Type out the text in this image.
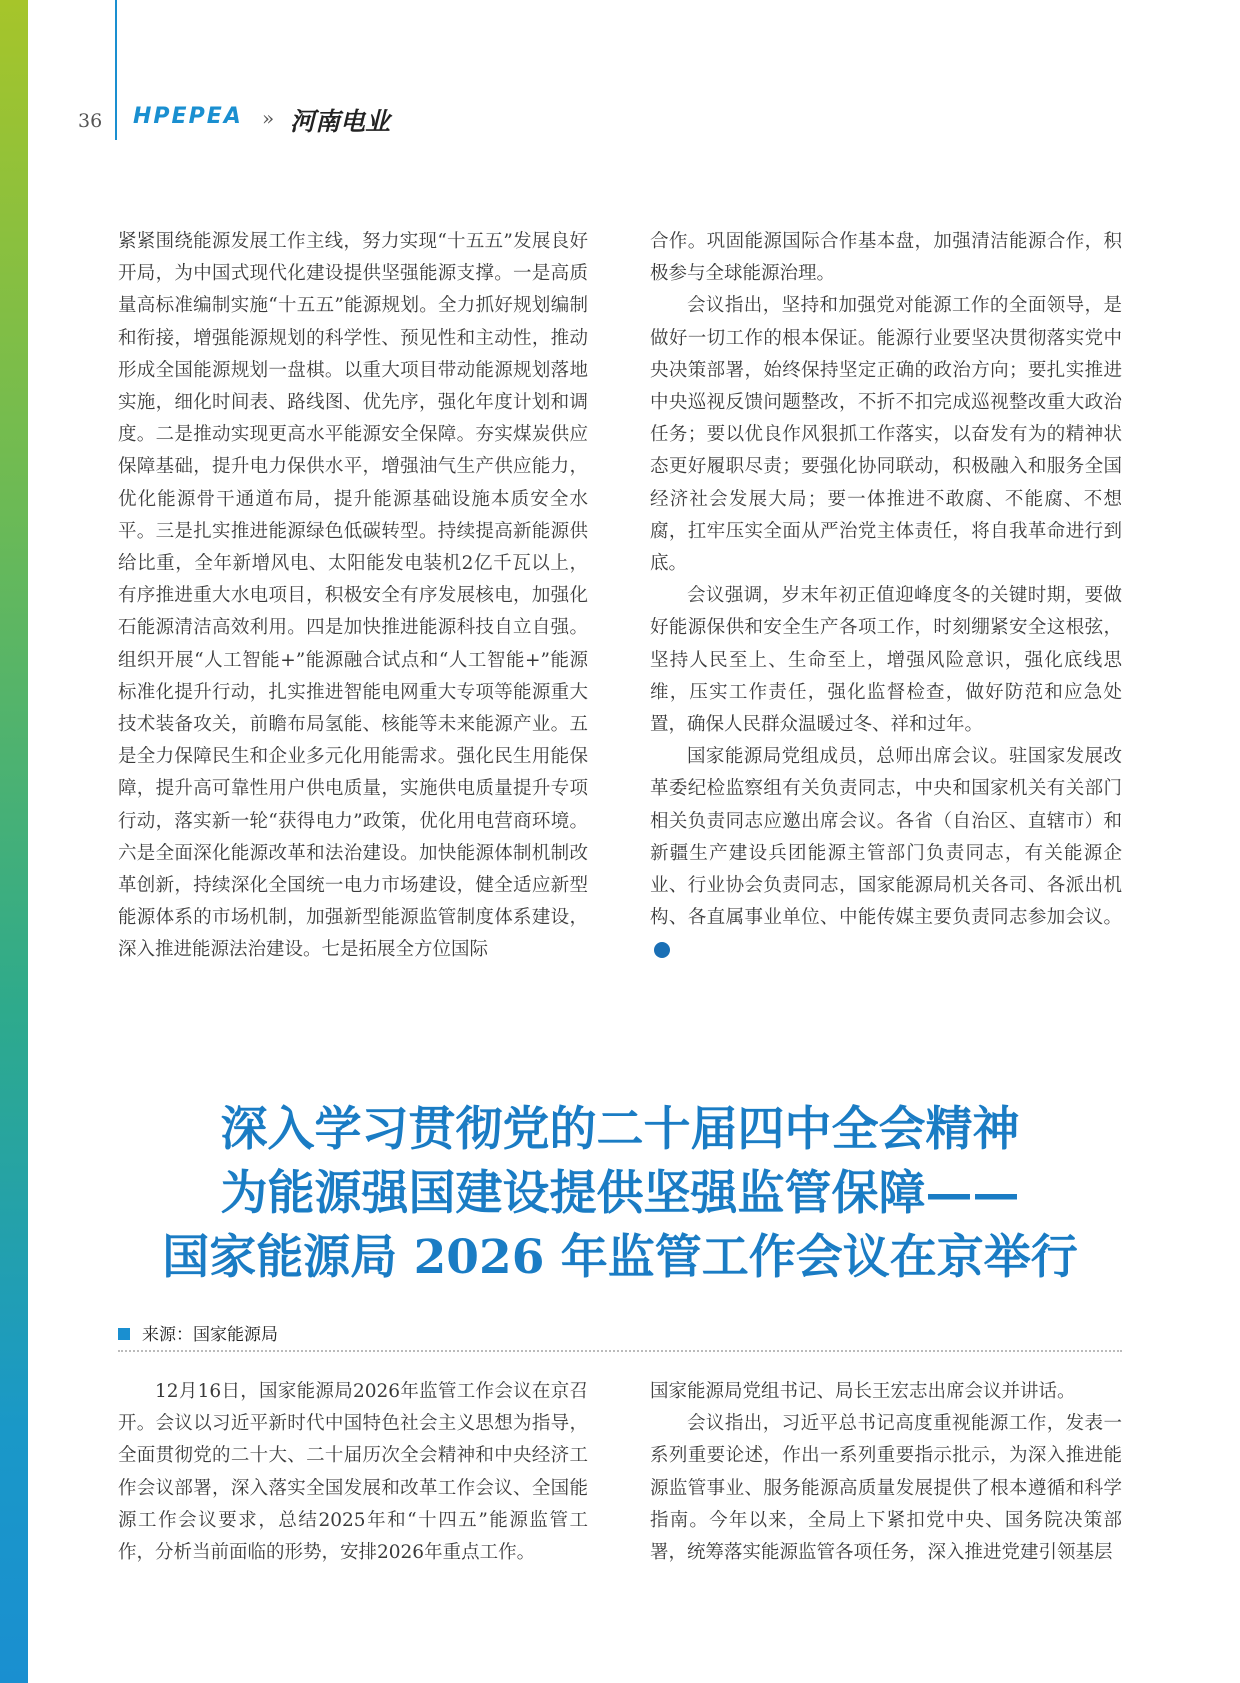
36 HPEPEA » 河南电业

紧紧围绕能源发展工作主线，努力实现“十五五”发展良好开局，为中国式现代化建设提供坚强能源支撑。一是高质量高标准编制实施“十五五”能源规划。全力抓好规划编制和衔接，增强能源规划的科学性、预见性和主动性，推动形成全国能源规划一盘棋。以重大项目带动能源规划落地实施，细化时间表、路线图、优先序，强化年度计划和调度。二是推动实现更高水平能源安全保障。夯实煤炭供应保障基础，提升电力保供水平，增强油气生产供应能力，优化能源骨干通道布局，提升能源基础设施本质安全水平。三是扎实推进能源绿色低碳转型。持续提高新能源供给比重，全年新增风电、太阳能发电装机2亿千瓦以上，有序推进重大水电项目，积极安全有序发展核电，加强化石能源清洁高效利用。四是加快推进能源科技自立自强。组织开展“人工智能+”能源融合试点和“人工智能+”能源标准化提升行动，扎实推进智能电网重大专项等能源重大技术装备攻关，前瞻布局氢能、核能等未来能源产业。五是全力保障民生和企业多元化用能需求。强化民生用能保障，提升高可靠性用户供电质量，实施供电质量提升专项行动，落实新一轮“获得电力”政策，优化用电营商环境。六是全面深化能源改革和法治建设。加快能源体制机制改革创新，持续深化全国统一电力市场建设，健全适应新型能源体系的市场机制，加强新型能源监管制度体系建设，深入推进能源法治建设。七是拓展全方位国际

合作。巩固能源国际合作基本盘，加强清洁能源合作，积极参与全球能源治理。

会议指出，坚持和加强党对能源工作的全面领导，是做好一切工作的根本保证。能源行业要坚决贯彻落实党中央决策部署，始终保持坚定正确的政治方向；要扎实推进中央巡视反馈问题整改，不折不扣完成巡视整改重大政治任务；要以优良作风狠抓工作落实，以奋发有为的精神状态更好履职尽责；要强化协同联动，积极融入和服务全国经济社会发展大局；要一体推进不敢腐、不能腐、不想腐，扛牢压实全面从严治党主体责任，将自我革命进行到底。

会议强调，岁末年初正值迎峰度冬的关键时期，要做好能源保供和安全生产各项工作，时刻绷紧安全这根弦，坚持人民至上、生命至上，增强风险意识，强化底线思维，压实工作责任，强化监督检查，做好防范和应急处置，确保人民群众温暖过冬、祥和过年。

国家能源局党组成员，总师出席会议。驻国家发展改革委纪检监察组有关负责同志，中央和国家机关有关部门相关负责同志应邀出席会议。各省（自治区、直辖市）和新疆生产建设兵团能源主管部门负责同志，有关能源企业、行业协会负责同志，国家能源局机关各司、各派出机构、各直属事业单位、中能传媒主要负责同志参加会议。电

深入学习贯彻党的二十届四中全会精神
为能源强国建设提供坚强监管保障——
国家能源局 2026 年监管工作会议在京举行
来源：国家能源局

12月16日，国家能源局2026年监管工作会议在京召开。会议以习近平新时代中国特色社会主义思想为指导，全面贯彻党的二十大、二十届历次全会精神和中央经济工作会议部署，深入落实全国发展和改革工作会议、全国能源工作会议要求，总结2025年和“十四五”能源监管工作，分析当前面临的形势，安排2026年重点工作。

国家能源局党组书记、局长王宏志出席会议并讲话。

会议指出，习近平总书记高度重视能源工作，发表一系列重要论述，作出一系列重要指示批示，为深入推进能源监管事业、服务能源高质量发展提供了根本遵循和科学指南。今年以来，全局上下紧扣党中央、国务院决策部署，统筹落实能源监管各项任务，深入推进党建引领基层
